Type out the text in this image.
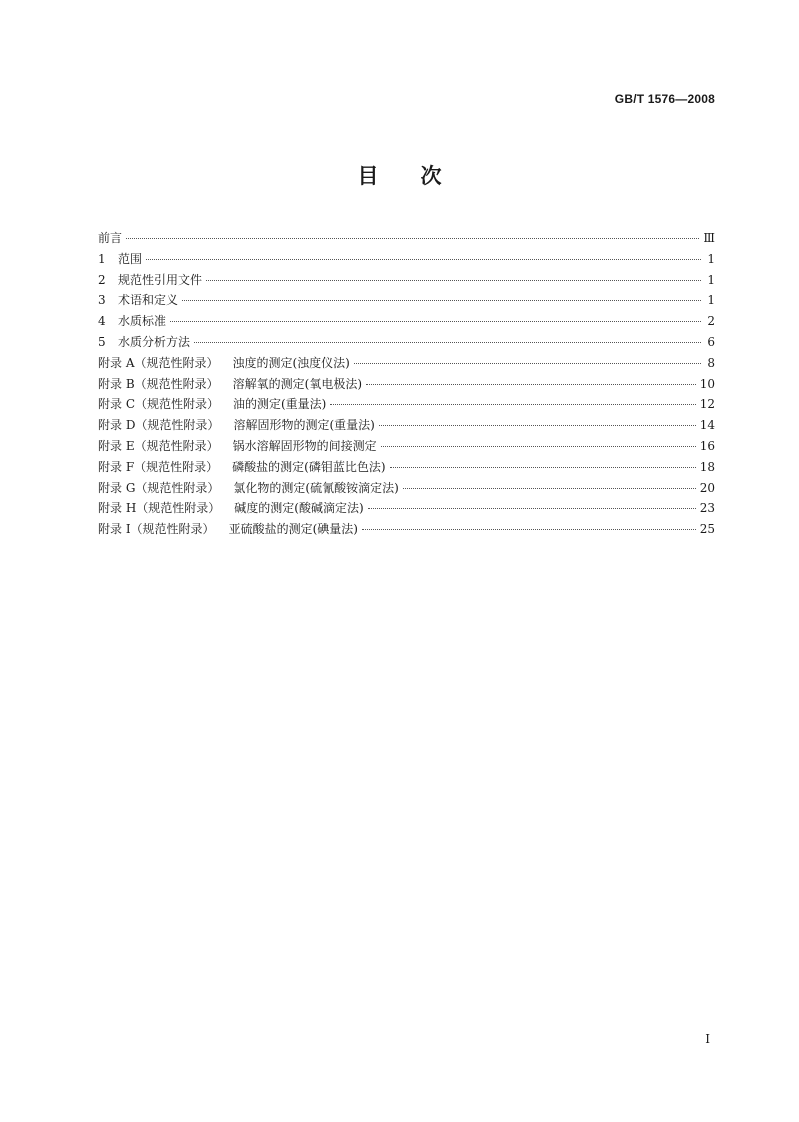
GB/T 1576—2008
目 次
前言	Ⅲ
1 范围	1
2 规范性引用文件	1
3 术语和定义	1
4 水质标准	2
5 水质分析方法	6
附录 A（规范性附录） 浊度的测定(浊度仪法)	8
附录 B（规范性附录） 溶解氧的测定(氧电极法)	10
附录 C（规范性附录） 油的测定(重量法)	12
附录 D（规范性附录） 溶解固形物的测定(重量法)	14
附录 E（规范性附录） 锅水溶解固形物的间接测定	16
附录 F（规范性附录） 磷酸盐的测定(磷钼蓝比色法)	18
附录 G（规范性附录） 氯化物的测定(硫氰酸铵滴定法)	20
附录 H（规范性附录） 碱度的测定(酸碱滴定法)	23
附录 I（规范性附录） 亚硫酸盐的测定(碘量法)	25
I
